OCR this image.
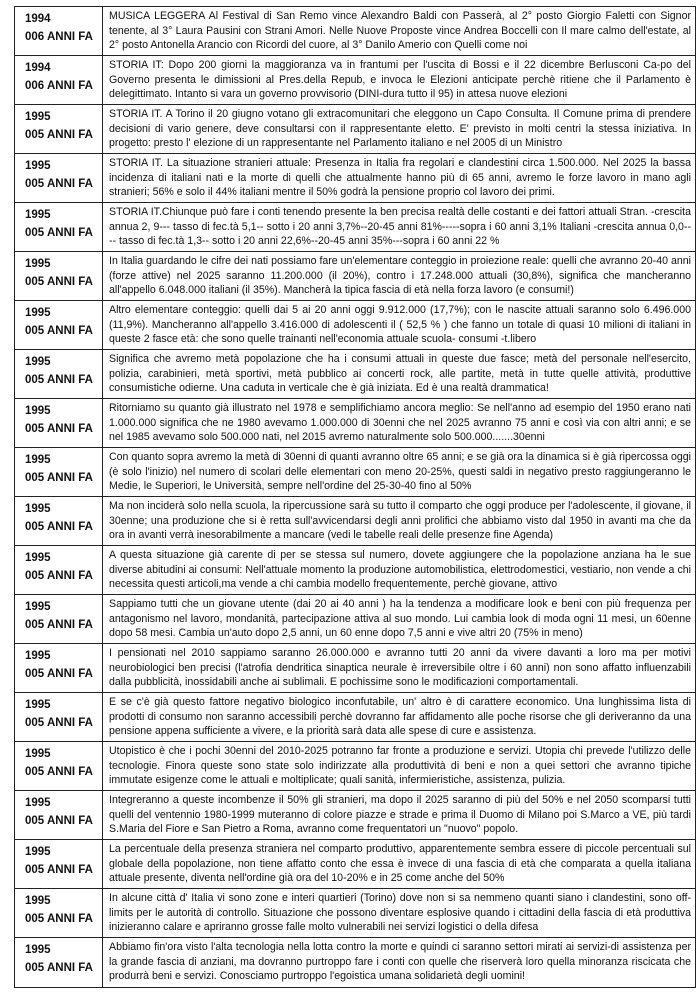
1994
006 ANNI FA
MUSICA LEGGERA Al Festival di San Remo vince Alexandro Baldi con Passerà, al 2° posto Giorgio Faletti con Signor tenente, al 3° Laura Pausini con Strani Amori. Nelle Nuove Proposte vince Andrea Boccelli con Il mare calmo dell'estate, al 2° posto Antonella Arancio con Ricordi del cuore, al 3° Danilo Amerio con Quelli come noi
1994
006 ANNI FA
STORIA IT: Dopo 200 giorni la maggioranza va in frantumi per l'uscita di Bossi e il 22 dicembre Berlusconi Ca-po del Governo presenta le dimissioni al Pres.della Repub, e invoca le Elezioni anticipate perchè ritiene che il Parlamento è delegittimato. Intanto si vara un governo provvisorio (DINI-dura tutto il 95) in attesa nuove elezioni
1995
005 ANNI FA
STORIA IT. A Torino il 20 giugno votano gli extracomunitari che eleggono un Capo Consulta. Il Comune prima di prendere decisioni di vario genere, deve consultarsi con il rappresentante eletto. E' previsto in molti centri la stessa iniziativa. In progetto: presto l' elezione di un rappresentante nel Parlamento italiano e nel 2005 di un Ministro
1995
005 ANNI FA
STORIA IT. La situazione stranieri attuale: Presenza in Italia fra regolari e clandestini circa 1.500.000. Nel 2025 la bassa incidenza di italiani nati e la morte di quelli che attualmente hanno più di 65 anni, avremo le forze lavoro in mano agli stranieri; 56% e solo il 44% italiani mentre il 50% godrà la pensione proprio col lavoro dei primi.
1995
005 ANNI FA
STORIA IT.Chiunque può fare i conti tenendo presente la ben precisa realtà delle costanti e dei fattori attuali Stran. -crescita annua 2, 9--- tasso di fec.tà 5,1-- sotto i 20 anni 3,7%--20-45 anni 81%-----sopra i 60 anni 3,1% Italiani -crescita annua 0,0---- tasso di fec.tà 1,3-- sotto i 20 anni 22,6%--20-45 anni 35%---sopra i 60 anni 22 %
1995
005 ANNI FA
In Italia guardando le cifre dei nati possiamo fare un'elementare conteggio in proiezione reale: quelli che avranno 20-40 anni (forze attive) nel 2025 saranno 11.200.000 (il 20%), contro i 17.248.000 attuali (30,8%), significa che mancheranno all'appello 6.048.000 italiani (il 35%). Mancherà la tipica fascia di età nella forza lavoro (e consumi!)
1995
005 ANNI FA
Altro elementare conteggio: quelli dai 5 ai 20 anni oggi 9.912.000 (17,7%); con le nascite attuali saranno solo 6.496.000 (11,9%). Mancheranno all'appello 3.416.000 di adolescenti il ( 52,5 % ) che fanno un totale di quasi 10 milioni di italiani in queste 2 fasce età: che sono quelle trainanti nell'economia attuale scuola- consumi -t.libero
1995
005 ANNI FA
Significa che avremo metà popolazione che ha i consumi attuali in queste due fasce; metà del personale nell'esercito, polizia, carabinieri, metà sportivi, metà pubblico ai concerti rock, alle partite, metà in tutte quelle attività, produttive consumistiche odierne. Una caduta in verticale che è già iniziata. Ed è una realtà drammatica!
1995
005 ANNI FA
Ritorniamo su quanto già illustrato nel 1978 e semplifichiamo ancora meglio: Se nell'anno ad esempio del 1950 erano nati 1.000.000 significa che ne 1980 avevamo 1.000.000 di 30enni che nel 2025 avranno 75 anni e così via con altri anni; e se nel 1985 avevamo solo 500.000 nati, nel 2015 avremo naturalmente solo 500.000.......30enni
1995
005 ANNI FA
Con quanto sopra avremo la metà di 30enni di quanti avranno oltre 65 anni; e se già ora la dinamica si è già ripercossa oggi (è solo l'inizio) nel numero di scolari delle elementari con meno 20-25%, questi saldi in negativo presto raggiungeranno le Medie, le Superiori, le Università, sempre nell'ordine del 25-30-40 fino al 50%
1995
005 ANNI FA
Ma non inciderà solo nella scuola, la ripercussione sarà su tutto il comparto che oggi produce per l'adolescente, il giovane, il 30enne; una produzione che si è retta sull'avvicendarsi degli anni prolifici che abbiamo visto dal 1950 in avanti ma che da ora in avanti verrà inesorabilmente a mancare (vedi le tabelle reali delle presenze fine Agenda)
1995
005 ANNI FA
A questa situazione già carente di per se stessa sul numero, dovete aggiungere che la popolazione anziana ha le sue diverse abitudini ai consumi: Nell'attuale momento la produzione automobilistica, elettrodomestici, vestiario, non vende a chi necessita questi articoli,ma vende a chi cambia modello frequentemente, perchè giovane, attivo
1995
005 ANNI FA
Sappiamo tutti che un giovane utente (dai 20 ai 40 anni ) ha la tendenza a modificare look e beni con più frequenza per antagonismo nel lavoro, mondanità, partecipazione attiva al suo mondo. Lui cambia look di moda ogni 11 mesi, un 60enne dopo 58 mesi. Cambia un'auto dopo 2,5 anni, un 60 enne dopo 7,5 anni e vive altri 20 (75% in meno)
1995
005 ANNI FA
I pensionati nel 2010 sappiamo saranno 26.000.000 e avranno tutti 20 anni da vivere davanti a loro ma per motivi neurobiologici ben precisi (l'atrofia dendritica sinaptica neurale è irreversibile oltre i 60 anni) non sono affatto influenzabili dalla pubblicità, inossidabili anche ai sublimali. E pochissime sono le modificazioni comportamentali.
1995
005 ANNI FA
E se c'è già questo fattore negativo biologico inconfutabile, un' altro è di carattere economico. Una lunghissima lista di prodotti di consumo non saranno accessibili perchè dovranno far affidamento alle poche risorse che gli deriveranno da una pensione appena sufficiente a vivere, e la priorità sarà data alle spese di cure e assistenza.
1995
005 ANNI FA
Utopistico è che i pochi 30enni del 2010-2025 potranno far fronte a produzione e servizi. Utopia chi prevede l'utilizzo delle tecnologie. Finora queste sono state solo indirizzate alla produttività di beni e non a quei settori che avranno tipiche immutate esigenze come le attuali e moltiplicate; quali sanità, infermieristiche, assistenza, pulizia.
1995
005 ANNI FA
Integreranno a queste incombenze il 50% gli stranieri, ma dopo il 2025 saranno di più del 50% e nel 2050 scomparsi tutti quelli del ventennio 1980-1999 muteranno di colore piazze e strade e prima il Duomo di Milano poi S.Marco a VE, più tardi S.Maria del Fiore e San Pietro a Roma, avranno come frequentatori un "nuovo" popolo.
1995
005 ANNI FA
La percentuale della presenza straniera nel comparto produttivo, apparentemente sembra essere di piccole percentuali sul globale della popolazione, non tiene affatto conto che essa è invece di una fascia di età che comparata a quella italiana attuale presente, diventa nell'ordine già ora del 10-20% e in 25 come anche del 50%
1995
005 ANNI FA
In alcune città d' Italia vi sono zone e interi quartieri (Torino) dove non si sa nemmeno quanti siano i clandestini, sono off-limits per le autorità di controllo. Situazione che possono diventare esplosive quando i cittadini della fascia di età produttiva inizieranno calare e apriranno grosse falle molto vulnerabili nei servizi logistici o della difesa
1995
005 ANNI FA
Abbiamo fin'ora visto l'alta tecnologia nella lotta contro la morte e quindi ci saranno settori mirati ai servizi-di assistenza per la grande fascia di anziani, ma dovranno purtroppo fare i conti con quelle che riserverà loro quella minoranza riscicata che produrrà beni e servizi. Conosciamo purtroppo l'egoistica umana solidarietà degli uomini!
